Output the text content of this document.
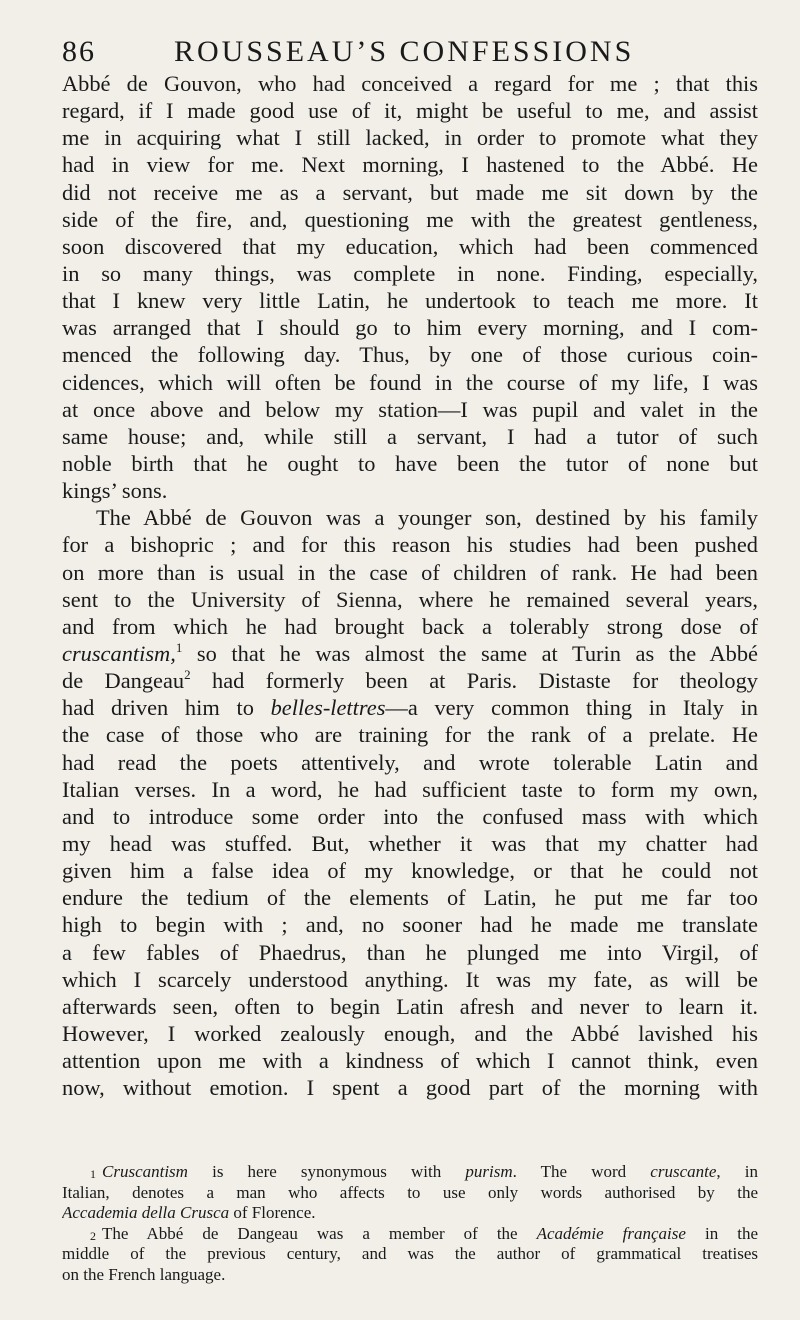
86	ROUSSEAU’S CONFESSIONS
Abbé de Gouvon, who had conceived a regard for me ; that this
regard, if I made good use of it, might be useful to me, and assist
me in acquiring what I still lacked, in order to promote what they
had in view for me. Next morning, I hastened to the Abbé. He
did not receive me as a servant, but made me sit down by the
side of the fire, and, questioning me with the greatest gentleness,
soon discovered that my education, which had been commenced
in so many things, was complete in none. Finding, especially,
that I knew very little Latin, he undertook to teach me more. It
was arranged that I should go to him every morning, and I com-
menced the following day. Thus, by one of those curious coin-
cidences, which will often be found in the course of my life, I was
at once above and below my station—I was pupil and valet in the
same house; and, while still a servant, I had a tutor of such
noble birth that he ought to have been the tutor of none but
kings’ sons.
The Abbé de Gouvon was a younger son, destined by his family
for a bishopric ; and for this reason his studies had been pushed
on more than is usual in the case of children of rank. He had been
sent to the University of Sienna, where he remained several years,
and from which he had brought back a tolerably strong dose of
cruscantism,$^1$ so that he was almost the same at Turin as the Abbé
de Dangeau$^2$ had formerly been at Paris. Distaste for theology
had driven him to belles-lettres—a very common thing in Italy in
the case of those who are training for the rank of a prelate. He
had read the poets attentively, and wrote tolerable Latin and
Italian verses. In a word, he had sufficient taste to form my own,
and to introduce some order into the confused mass with which
my head was stuffed. But, whether it was that my chatter had
given him a false idea of my knowledge, or that he could not
endure the tedium of the elements of Latin, he put me far too
high to begin with ; and, no sooner had he made me translate
a few fables of Phaedrus, than he plunged me into Virgil, of
which I scarcely understood anything. It was my fate, as will be
afterwards seen, often to begin Latin afresh and never to learn it.
However, I worked zealously enough, and the Abbé lavished his
attention upon me with a kindness of which I cannot think, even
now, without emotion. I spent a good part of the morning with
$^1$ Cruscantism is here synonymous with purism. The word cruscante, in
Italian, denotes a man who affects to use only words authorised by the
Accademia della Crusca of Florence.
$^2$ The Abbé de Dangeau was a member of the Académie française in the
middle of the previous century, and was the author of grammatical treatises
on the French language.
